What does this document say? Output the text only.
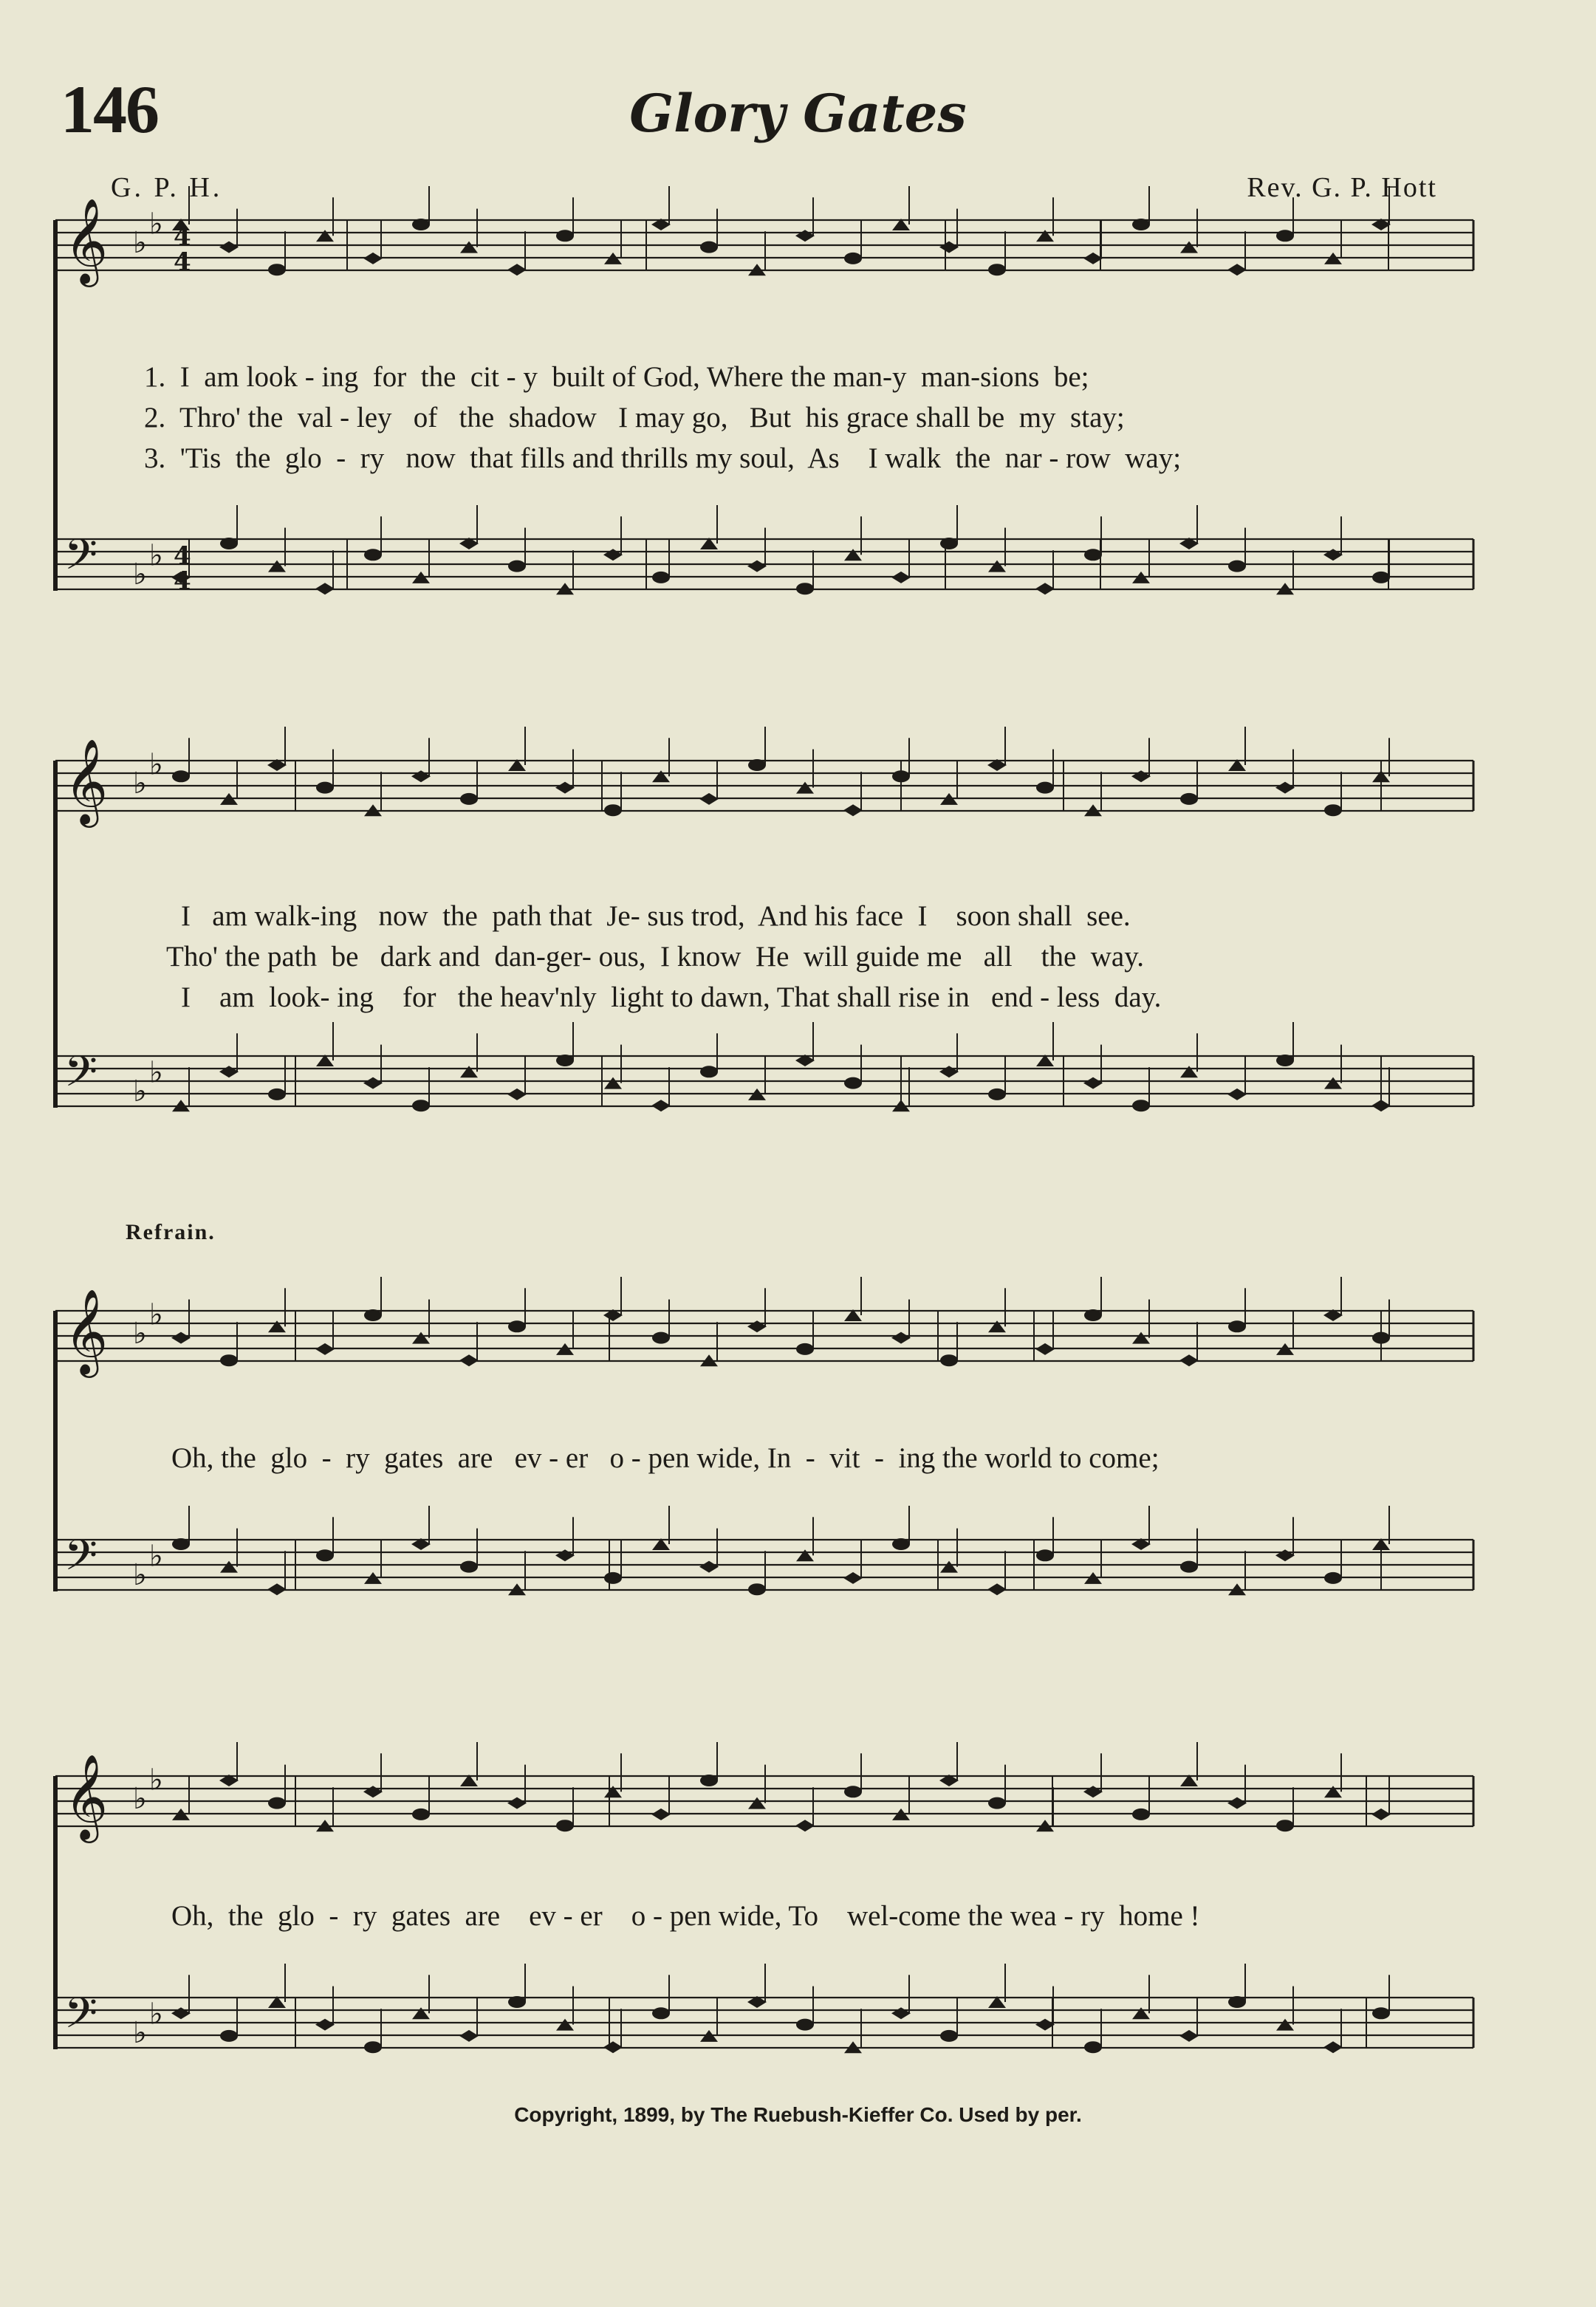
146	Glory Gates
G. P. H.	Rev. G. P. Hott
𝄞 ♭
♭
𝄢 ♭
♭
𝄞 ♭
♭
𝄢 ♭
♭
𝄞 ♭
♭
𝄢 ♭
♭
𝄞 ♭
♭
𝄢 ♭
♭
4
4
4
4
1.  I  am look - ing  for  the  cit - y  built of God, Where the man-y  man-sions  be;
2.  Thro' the  val - ley   of   the  shadow   I may go,   But  his grace shall be  my  stay;
3.  'Tis  the  glo  -  ry   now  that fills and thrills my soul,  As    I walk  the  nar - row  way;
I   am walk-ing   now  the  path that  Je- sus trod,  And his face  I    soon shall  see.
Tho' the path  be   dark and  dan-ger- ous,  I know  He  will guide me   all    the  way.
I    am  look- ing    for   the heav'nly  light to dawn, That shall rise in   end - less  day.
Refrain.
Oh, the  glo  -  ry  gates  are   ev - er   o - pen wide, In  -  vit  -  ing the world to come;
Oh,  the  glo  -  ry  gates  are    ev - er    o - pen wide, To    wel-come the wea - ry  home !
Copyright, 1899, by The Ruebush-Kieffer Co. Used by per.
